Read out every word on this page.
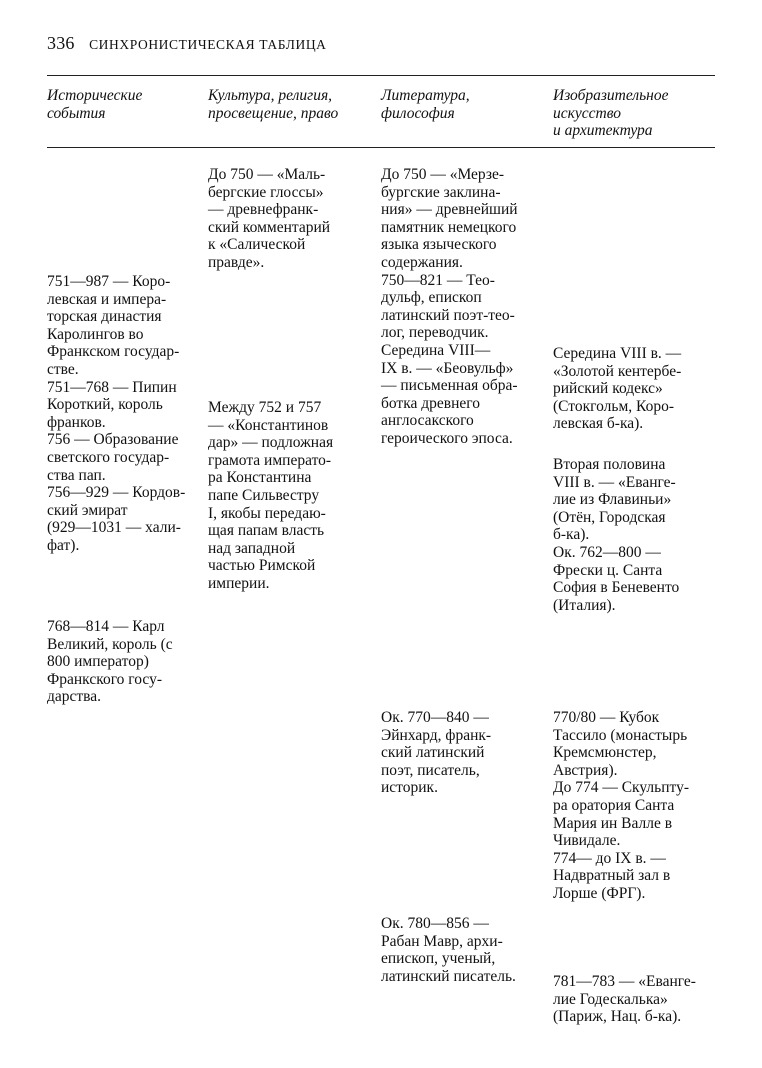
336 СИНХРОНИСТИЧЕСКАЯ ТАБЛИЦА
Исторические
события
Культура, религия,
просвещение, право
Литература,
философия
Изобразительное
искусство
и архитектура
751—987 — Коро-
левская и импера-
торская династия
Каролингов во
Франкском государ-
стве.
751—768 — Пипин
Короткий, король
франков.
756 — Образование
светского государ-
ства пап.
756—929 — Кордов-
ский эмират
(929—1031 — хали-
фат).
768—814 — Карл
Великий, король (с
800 император)
Франкского госу-
дарства.
До 750 — «Маль-
бергские глоссы»
— древнефранк-
ский комментарий
к «Салической
правде».
Между 752 и 757
— «Константинов
дар» — подложная
грамота императо-
ра Константина
папе Сильвестру
I, якобы передаю-
щая папам власть
над западной
частью Римской
империи.
До 750 — «Мерзе-
бургские заклина-
ния» — древнейший
памятник немецкого
языка языческого
содержания.
750—821 — Тео-
дульф, епископ
латинский поэт-тео-
лог, переводчик.
Середина VIII—
IX в. — «Беовульф»
— письменная обра-
ботка древнего
англосакского
героического эпоса.
Ок. 770—840 —
Эйнхард, франк-
ский латинский
поэт, писатель,
историк.
Ок. 780—856 —
Рабан Мавр, архи-
епископ, ученый,
латинский писатель.
Середина VIII в. —
«Золотой кентербе-
рийский кодекс»
(Стокгольм, Коро-
левская б-ка).
Вторая половина
VIII в. — «Еванге-
лие из Флавиньи»
(Отён, Городская
б-ка).
Ок. 762—800 —
Фрески ц. Санта
София в Беневенто
(Италия).
770/80 — Кубок
Тассило (монастырь
Кремсмюнстер,
Австрия).
До 774 — Скульпту-
ра оратория Санта
Мария ин Валле в
Чивидале.
774— до IX в. —
Надвратный зал в
Лорше (ФРГ).
781—783 — «Еванге-
лие Годескалька»
(Париж, Нац. б-ка).
